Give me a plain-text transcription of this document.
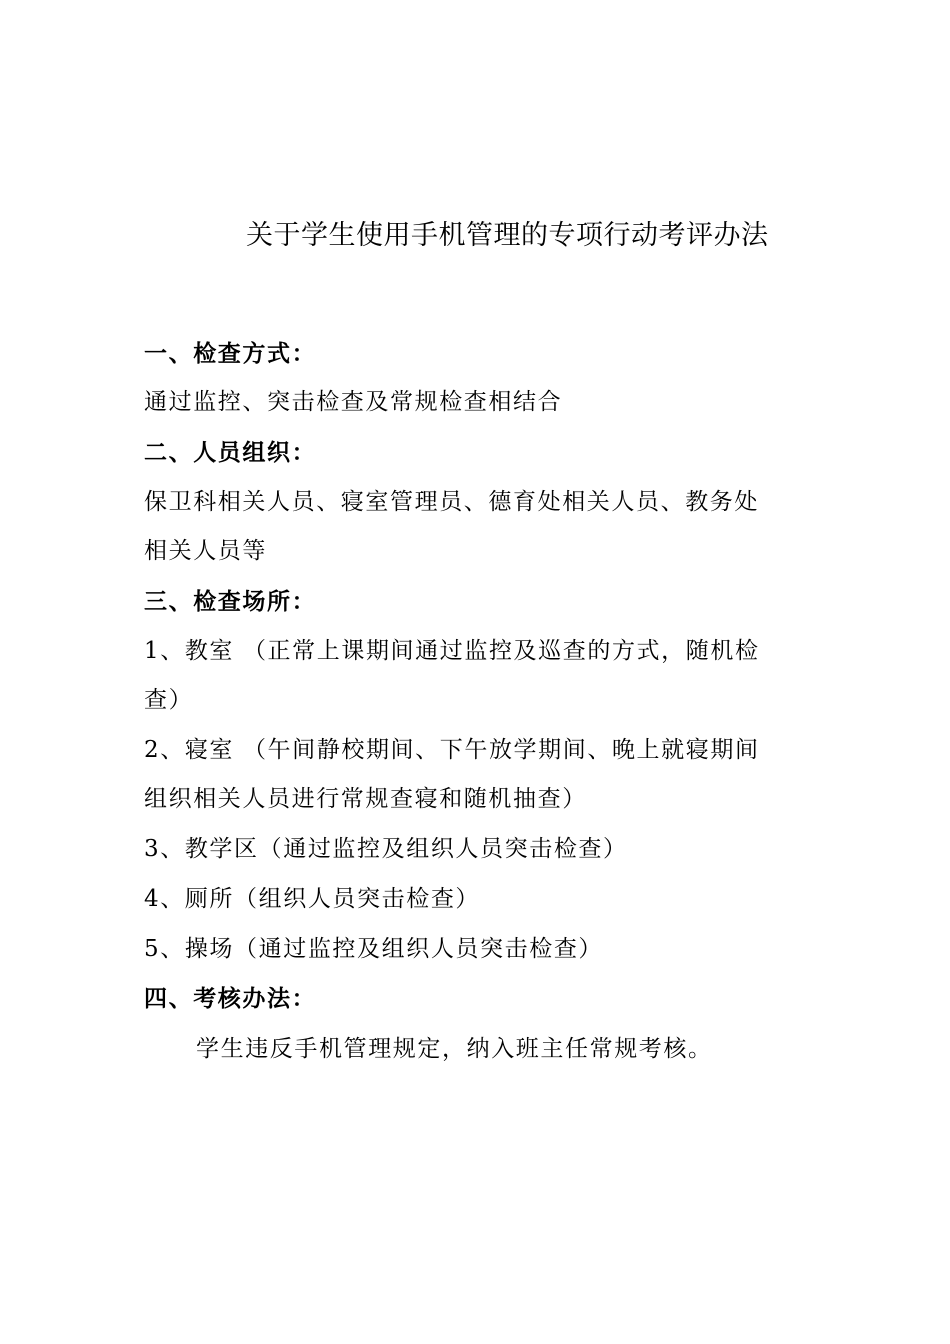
关于学生使用手机管理的专项行动考评办法
一、检查方式：
通过监控、突击检查及常规检查相结合
二、人员组织：
保卫科相关人员、寝室管理员、德育处相关人员、教务处
相关人员等
三、检查场所：
1、教室 （正常上课期间通过监控及巡查的方式，随机检
查）
2、寝室 （午间静校期间、下午放学期间、晚上就寝期间
组织相关人员进行常规查寝和随机抽查）
3、教学区（通过监控及组织人员突击检查）
4、厕所（组织人员突击检查）
5、操场（通过监控及组织人员突击检查）
四、考核办法：
学生违反手机管理规定，纳入班主任常规考核。
